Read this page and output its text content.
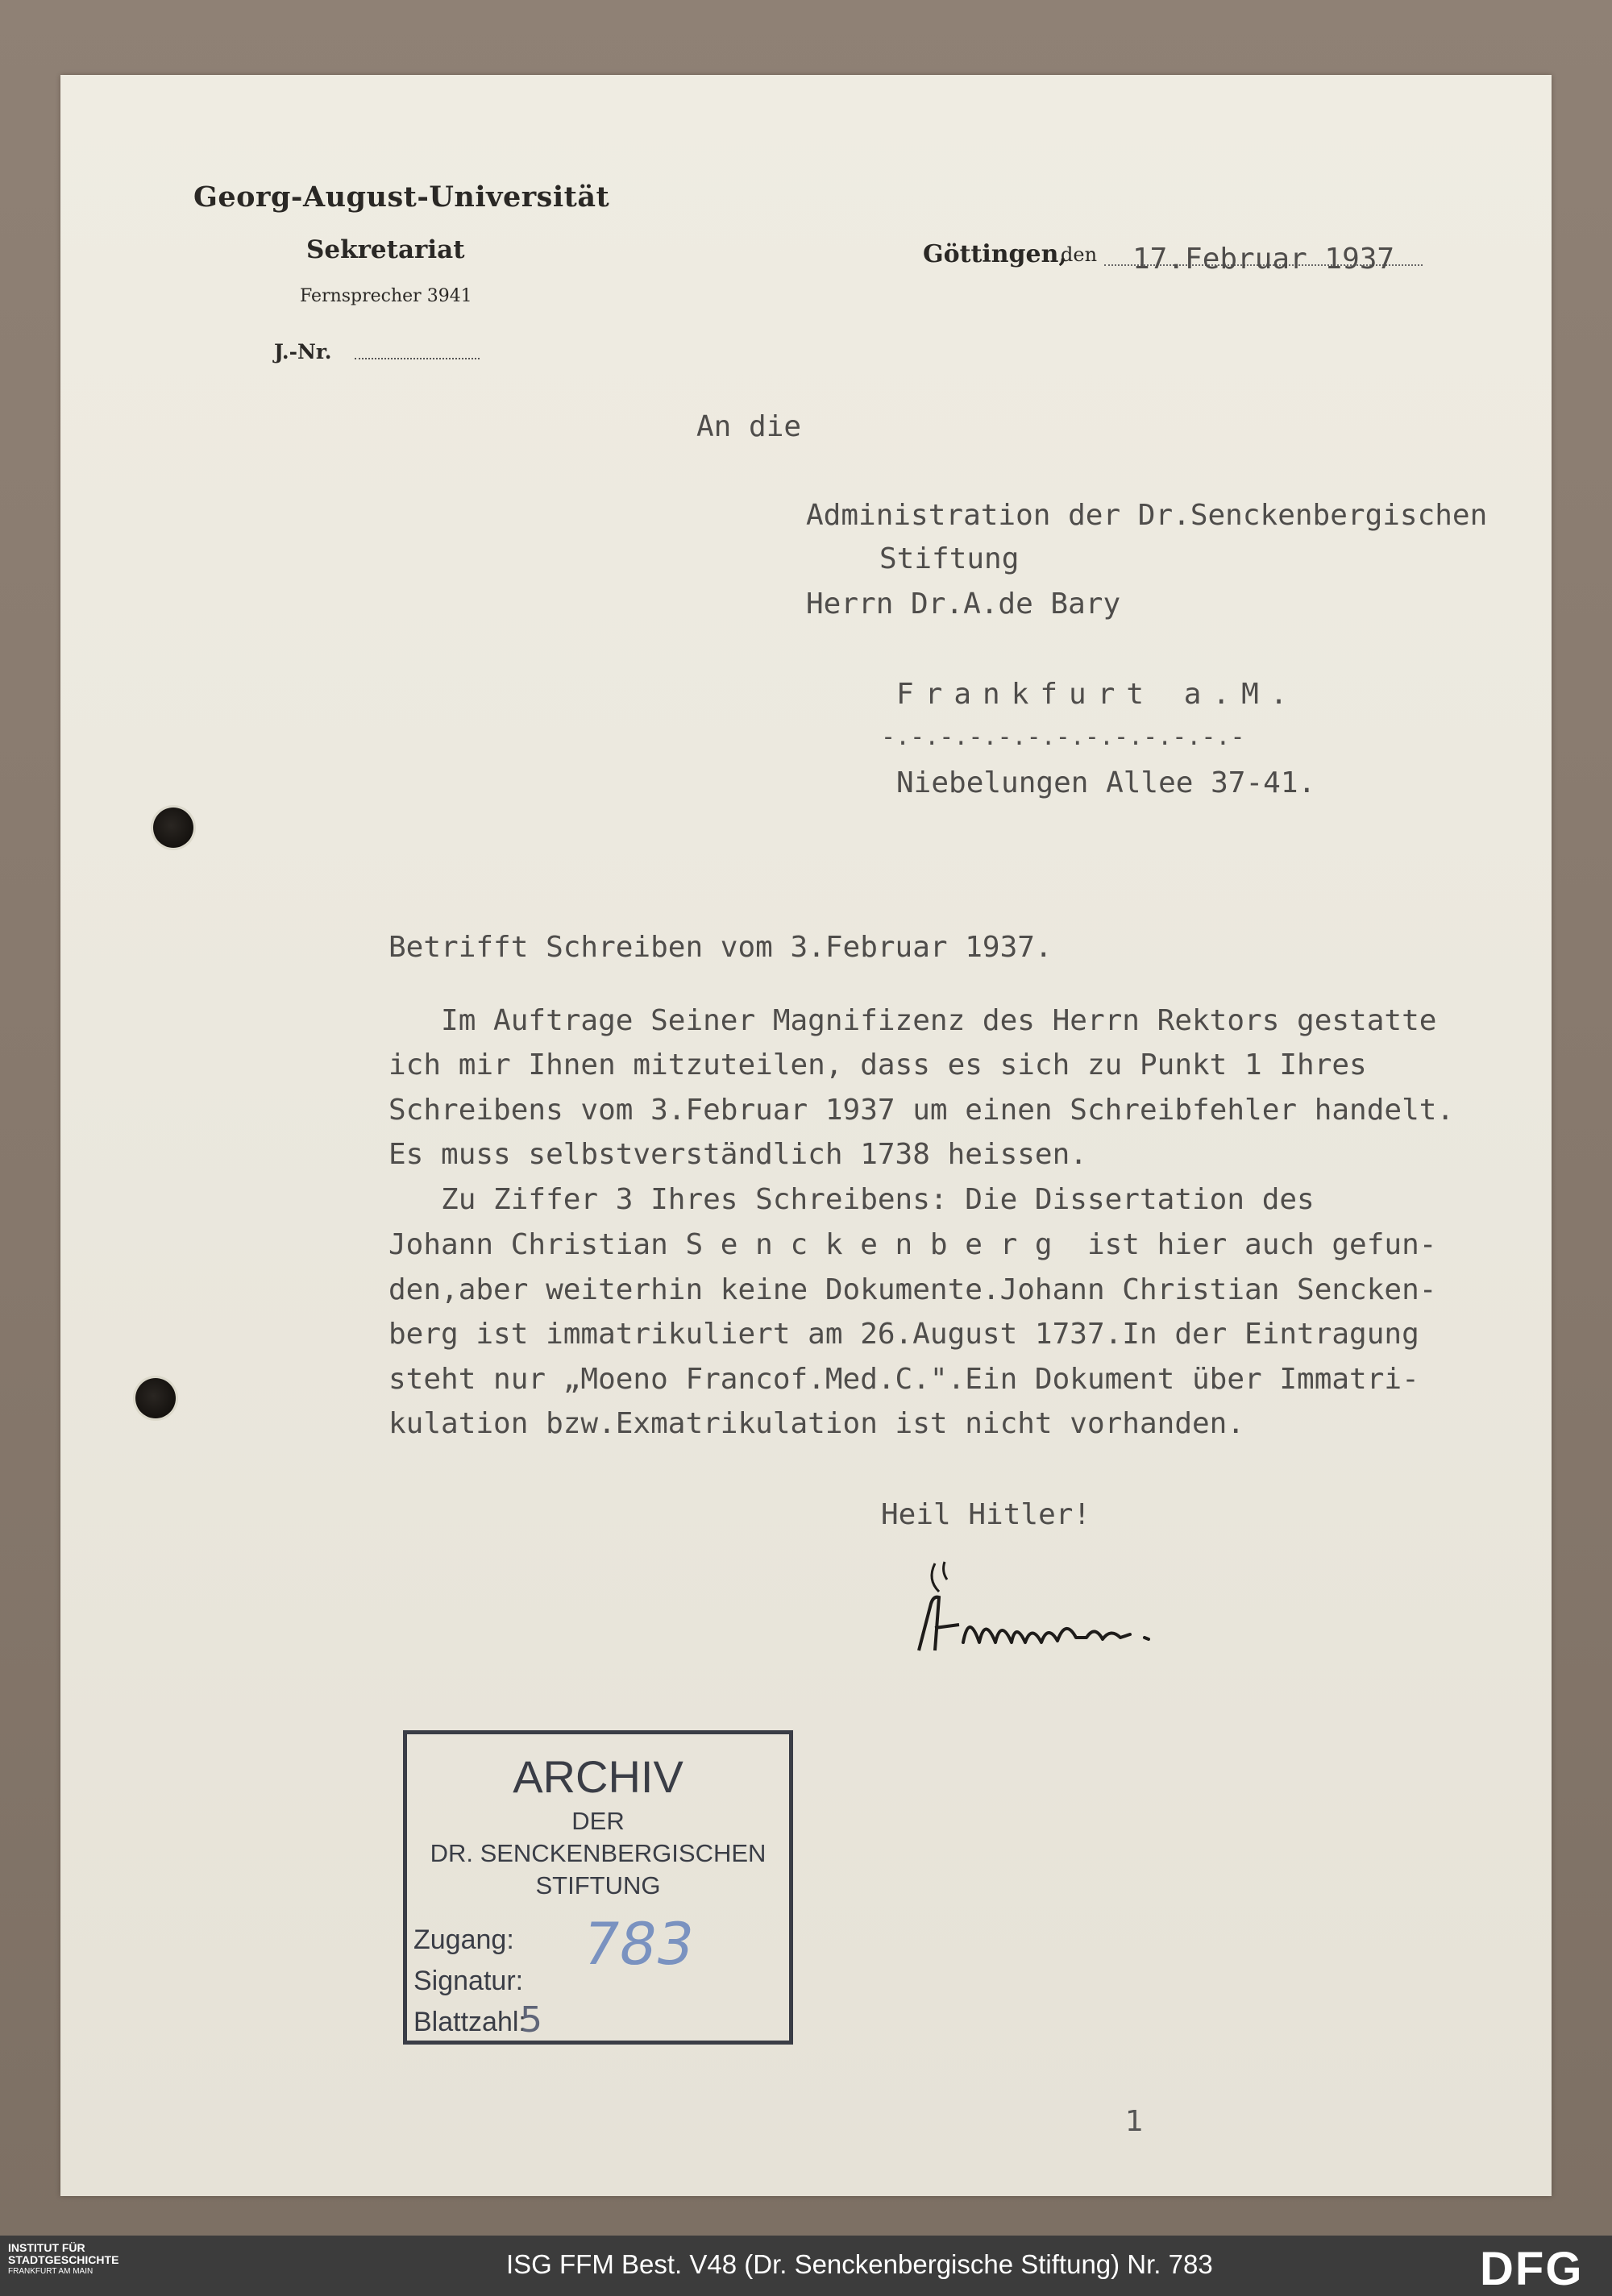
Georg-August-Universität
Sekretariat
Fernsprecher 3941
J.-Nr.
Göttingen,
den 17.Februar 1937
An die
Administration der Dr.Senckenbergischen
Stiftung
Herrn Dr.A.de Bary
Frankfurt a.M.
-.-.-.-.-.-.-.-.-.-.-.-.-
Niebelungen Allee 37-41.
Betrifft Schreiben vom 3.Februar 1937.
Im Auftrage Seiner Magnifizenz des Herrn Rektors gestatte
ich mir Ihnen mitzuteilen, dass es sich zu Punkt 1 Ihres
Schreibens vom 3.Februar 1937 um einen Schreibfehler handelt.
Es muss selbstverständlich 1738 heissen.
Zu Ziffer 3 Ihres Schreibens: Die Dissertation des
Johann Christian S e n c k e n b e r g  ist hier auch gefun-
den,aber weiterhin keine Dokumente.Johann Christian Sencken-
berg ist immatrikuliert am 26.August 1737.In der Eintragung
steht nur „Moeno Francof.Med.C.".Ein Dokument über Immatri-
kulation bzw.Exmatrikulation ist nicht vorhanden.
Heil Hitler!
ARCHIV
DER
DR. SENCKENBERGISCHEN
STIFTUNG
Zugang:
Signatur:
Blattzahl:
783
5
1
INSTITUT FÜR
STADTGESCHICHTE
FRANKFURT AM MAIN	ISG FFM Best. V48 (Dr. Senckenbergische Stiftung) Nr. 783	DFG
